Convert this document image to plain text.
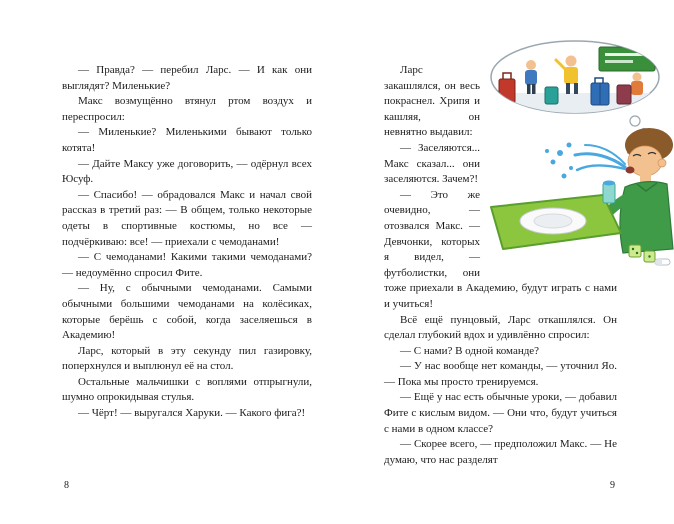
— Правда? — перебил Ларс. — И как они выглядят? Миленькие?

Макс возмущённо втянул ртом воздух и переспросил:

— Миленькие? Миленькими бывают только котята!

— Дайте Максу уже договорить, — одёрнул всех Юсуф.

— Спасибо! — обрадовался Макс и начал свой рассказ в третий раз: — В общем, только некоторые одеты в спортивные костюмы, но все — подчёркиваю: все! — приехали с чемоданами!

— С чемоданами! Какими такими чемоданами? — недоумённо спросил Фите.

— Ну, с обычными чемоданами. Самыми обычными большими чемоданами на колёсиках, которые берёшь с собой, когда заселяешься в Академию!

Ларс, который в эту секунду пил газировку, поперхнулся и выплюнул её на стол.

Остальные мальчишки с воплями отпрыгнули, шумно опрокидывая стулья.

— Чёрт! — выругался Харуки. — Какого фига?!

8

Ларс закашлялся, он весь покраснел. Хрипя и кашляя, он невнятно выдавил:

— Заселяются... Макс сказал... они заселяются. Зачем?!

— Это же очевидно, — отозвался Макс. — Девчонки, которых я видел, — футболистки, они тоже приехали в Академию, будут играть с нами и учиться!

Всё ещё пунцовый, Ларс откашлялся. Он сделал глубокий вдох и удивлённо спросил:

— С нами? В одной команде?

— У нас вообще нет команды, — уточнил Яо. — Пока мы просто тренируемся.

— Ещё у нас есть обычные уроки, — добавил Фите с кислым видом. — Они что, будут учиться с нами в одном классе?

— Скорее всего, — предположил Макс. — Не думаю, что нас разделят

9
